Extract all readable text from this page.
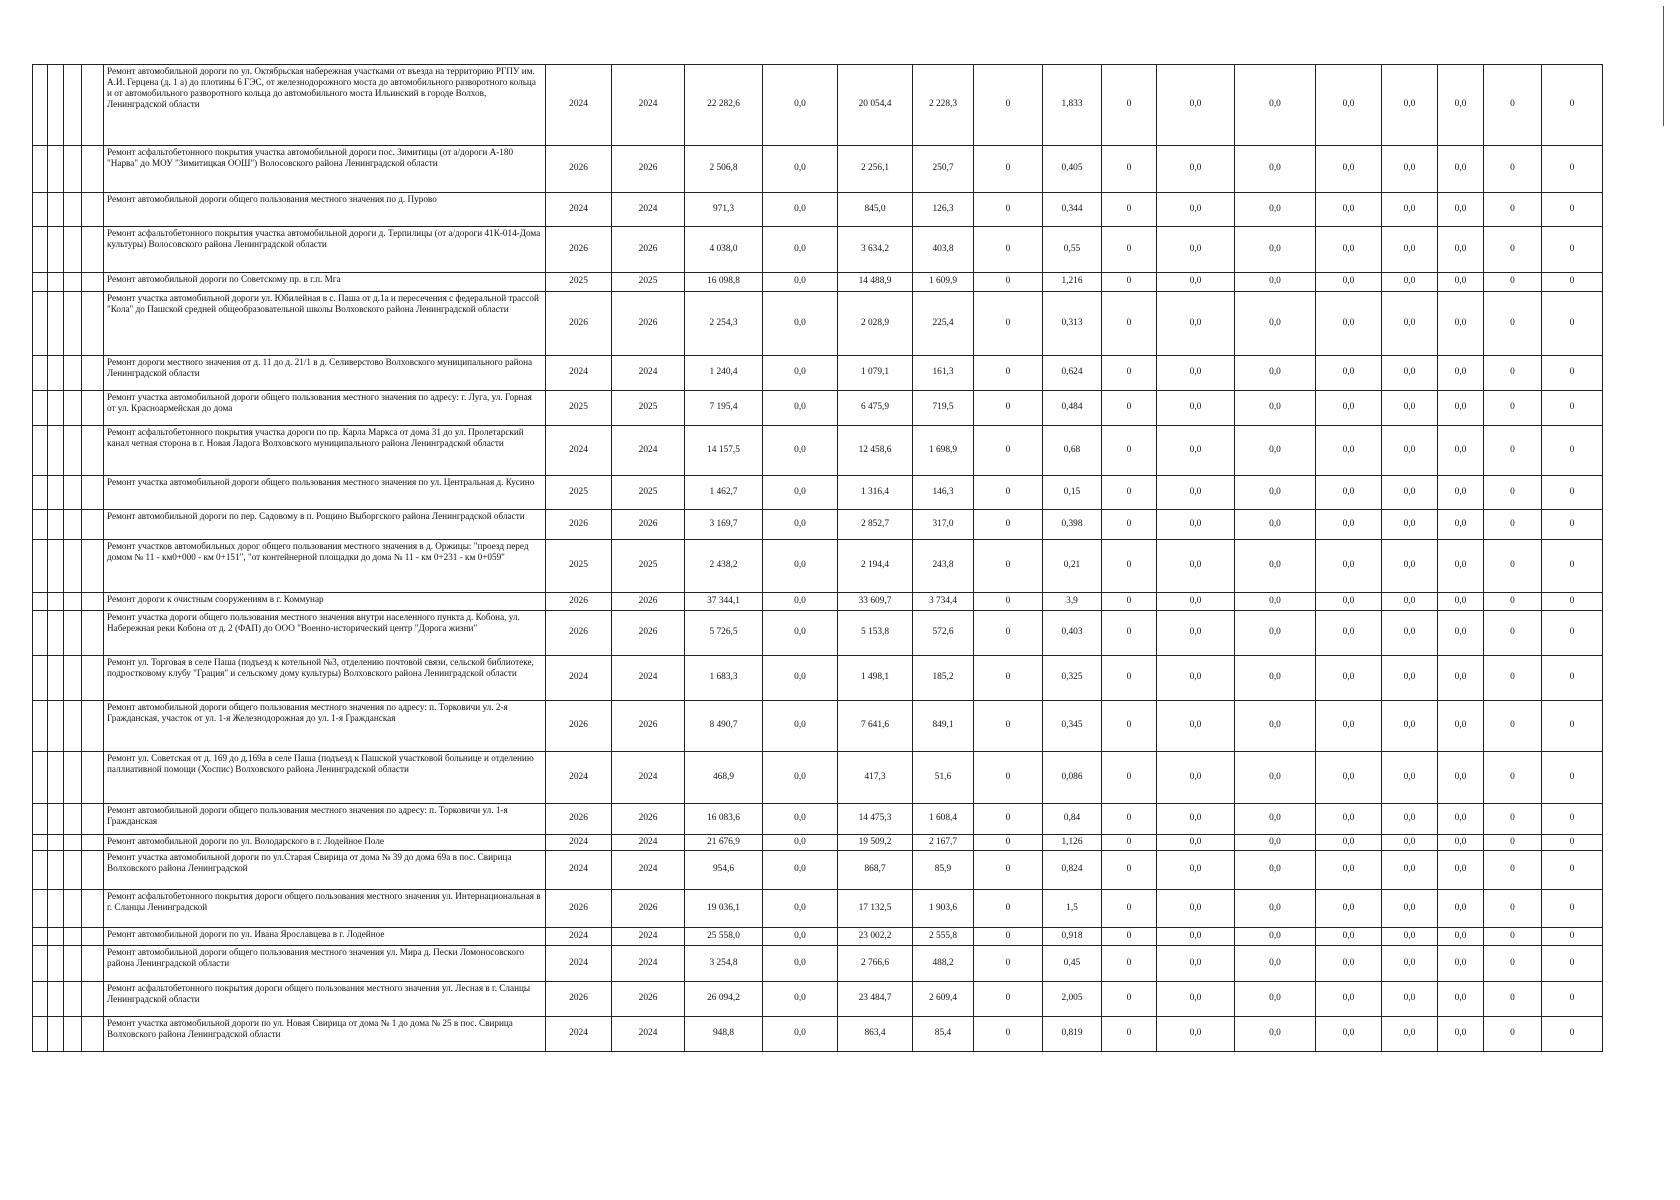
				Ремонт автомобильной дороги по ул. Октябрьская набережная участками от въезда на территорию РГПУ им. А.И. Герцена (д. 1 а) до плотины 6 ГЭС, от железнодорожного моста до автомобильного разворотного кольца и от автомобильного разворотного кольца до автомобильного моста Ильинский в городе Волхов, Ленинградской области	2024	2024	22 282,6	0,0	20 054,4	2 228,3	0	1,833	0	0,0	0,0	0,0	0,0	0,0	0	0
				Ремонт асфальтобетонного покрытия участка автомобильной дороги пос. Зимитицы (от а/дороги А-180 "Нарва" до МОУ "Зимитицкая ООШ") Волосовского района Ленинградской области	2026	2026	2 506,8	0,0	2 256,1	250,7	0	0,405	0	0,0	0,0	0,0	0,0	0,0	0	0
				Ремонт автомобильной дороги общего пользования местного значения по д. Пурово	2024	2024	971,3	0,0	845,0	126,3	0	0,344	0	0,0	0,0	0,0	0,0	0,0	0	0
				Ремонт асфальтобетонного покрытия участка автомобильной дороги д. Терпилицы (от а/дороги 41К-014-Дома культуры) Волосовского района Ленинградской области	2026	2026	4 038,0	0,0	3 634,2	403,8	0	0,55	0	0,0	0,0	0,0	0,0	0,0	0	0
				Ремонт автомобильной дороги по Советскому пр. в г.п. Мга	2025	2025	16 098,8	0,0	14 488,9	1 609,9	0	1,216	0	0,0	0,0	0,0	0,0	0,0	0	0
				Ремонт участка автомобильной дороги ул. Юбилейная в с. Паша от д.1а и пересечения с федеральной трассой "Кола" до Пашской средней общеобразовательной школы Волховского района Ленинградской области	2026	2026	2 254,3	0,0	2 028,9	225,4	0	0,313	0	0,0	0,0	0,0	0,0	0,0	0	0
				Ремонт дороги местного значения от д. 11 до д. 21/1 в д. Селиверстово Волховского муниципального района Ленинградской области	2024	2024	1 240,4	0,0	1 079,1	161,3	0	0,624	0	0,0	0,0	0,0	0,0	0,0	0	0
				Ремонт участка автомобильной дороги общего пользования местного значения по адресу: г. Луга, ул. Горная от ул. Красноармейская до дома	2025	2025	7 195,4	0,0	6 475,9	719,5	0	0,484	0	0,0	0,0	0,0	0,0	0,0	0	0
				Ремонт асфальтобетонного покрытия участка дороги по пр. Карла Маркса от дома 31 до ул. Пролетарский канал четная сторона в г. Новая Ладога Волховского муниципального района Ленинградской области	2024	2024	14 157,5	0,0	12 458,6	1 698,9	0	0,68	0	0,0	0,0	0,0	0,0	0,0	0	0
				Ремонт участка автомобильной дороги общего пользования местного значения по ул. Центральная д. Кусино	2025	2025	1 462,7	0,0	1 316,4	146,3	0	0,15	0	0,0	0,0	0,0	0,0	0,0	0	0
				Ремонт автомобильной дороги по пер. Садовому в п. Рощино Выборгского района Ленинградской области	2026	2026	3 169,7	0,0	2 852,7	317,0	0	0,398	0	0,0	0,0	0,0	0,0	0,0	0	0
				Ремонт участков автомобильных дорог общего пользования местного значения в д. Оржицы: "проезд перед домом № 11 - км0+000 - км 0+151", "от контейнерной площадки до дома № 11 - км 0+231 - км 0+059"	2025	2025	2 438,2	0,0	2 194,4	243,8	0	0,21	0	0,0	0,0	0,0	0,0	0,0	0	0
				Ремонт дороги к очистным сооружениям в г. Коммунар	2026	2026	37 344,1	0,0	33 609,7	3 734,4	0	3,9	0	0,0	0,0	0,0	0,0	0,0	0	0
				Ремонт участка дороги общего пользования местного значения внутри населенного пункта д. Кобона, ул. Набережная реки Кобона от д. 2 (ФАП) до ООО "Военно-исторический центр "Дорога жизни"	2026	2026	5 726,5	0,0	5 153,8	572,6	0	0,403	0	0,0	0,0	0,0	0,0	0,0	0	0
				Ремонт ул. Торговая в селе Паша (подъезд к котельной №3, отделению почтовой связи, сельской библиотеке, подростковому клубу "Грация" и сельскому дому культуры) Волховского района Ленинградской области	2024	2024	1 683,3	0,0	1 498,1	185,2	0	0,325	0	0,0	0,0	0,0	0,0	0,0	0	0
				Ремонт автомобильной дороги общего пользования местного значения по адресу: п. Торковичи ул. 2-я Гражданская, участок от ул. 1-я Железнодорожная до ул. 1-я Гражданская	2026	2026	8 490,7	0,0	7 641,6	849,1	0	0,345	0	0,0	0,0	0,0	0,0	0,0	0	0
				Ремонт ул. Советская от д. 169 до д.169а в селе Паша (подъезд к Пашской участковой больнице и отделению паллиативной помощи (Хоспис) Волховского района Ленинградской области	2024	2024	468,9	0,0	417,3	51,6	0	0,086	0	0,0	0,0	0,0	0,0	0,0	0	0
				Ремонт автомобильной дороги общего пользования местного значения по адресу: п. Торковичи ул. 1-я Гражданская	2026	2026	16 083,6	0,0	14 475,3	1 608,4	0	0,84	0	0,0	0,0	0,0	0,0	0,0	0	0
				Ремонт автомобильной дороги по ул. Володарского в г. Лодейное Поле	2024	2024	21 676,9	0,0	19 509,2	2 167,7	0	1,126	0	0,0	0,0	0,0	0,0	0,0	0	0
				Ремонт участка автомобильной дороги по ул.Старая Свирица от дома № 39 до дома 69а в пос. Свирица Волховского района Ленинградской	2024	2024	954,6	0,0	868,7	85,9	0	0,824	0	0,0	0,0	0,0	0,0	0,0	0	0
				Ремонт асфальтобетонного покрытия дороги общего пользования местного значения ул. Интернациональная в г. Сланцы Ленинградской	2026	2026	19 036,1	0,0	17 132,5	1 903,6	0	1,5	0	0,0	0,0	0,0	0,0	0,0	0	0
				Ремонт автомобильной дороги по ул. Ивана Ярославцева в г. Лодейное	2024	2024	25 558,0	0,0	23 002,2	2 555,8	0	0,918	0	0,0	0,0	0,0	0,0	0,0	0	0
				Ремонт автомобильной дороги общего пользования местного значения ул. Мира д. Пески Ломоносовского района Ленинградской области	2024	2024	3 254,8	0,0	2 766,6	488,2	0	0,45	0	0,0	0,0	0,0	0,0	0,0	0	0
				Ремонт асфальтобетонного покрытия дороги общего пользования местного значения ул. Лесная в г. Сланцы Ленинградской области	2026	2026	26 094,2	0,0	23 484,7	2 609,4	0	2,005	0	0,0	0,0	0,0	0,0	0,0	0	0
				Ремонт участка автомобильной дороги по ул. Новая Свирица от дома № 1 до дома № 25 в пос. Свирица Волховского района Ленинградской области	2024	2024	948,8	0,0	863,4	85,4	0	0,819	0	0,0	0,0	0,0	0,0	0,0	0	0
